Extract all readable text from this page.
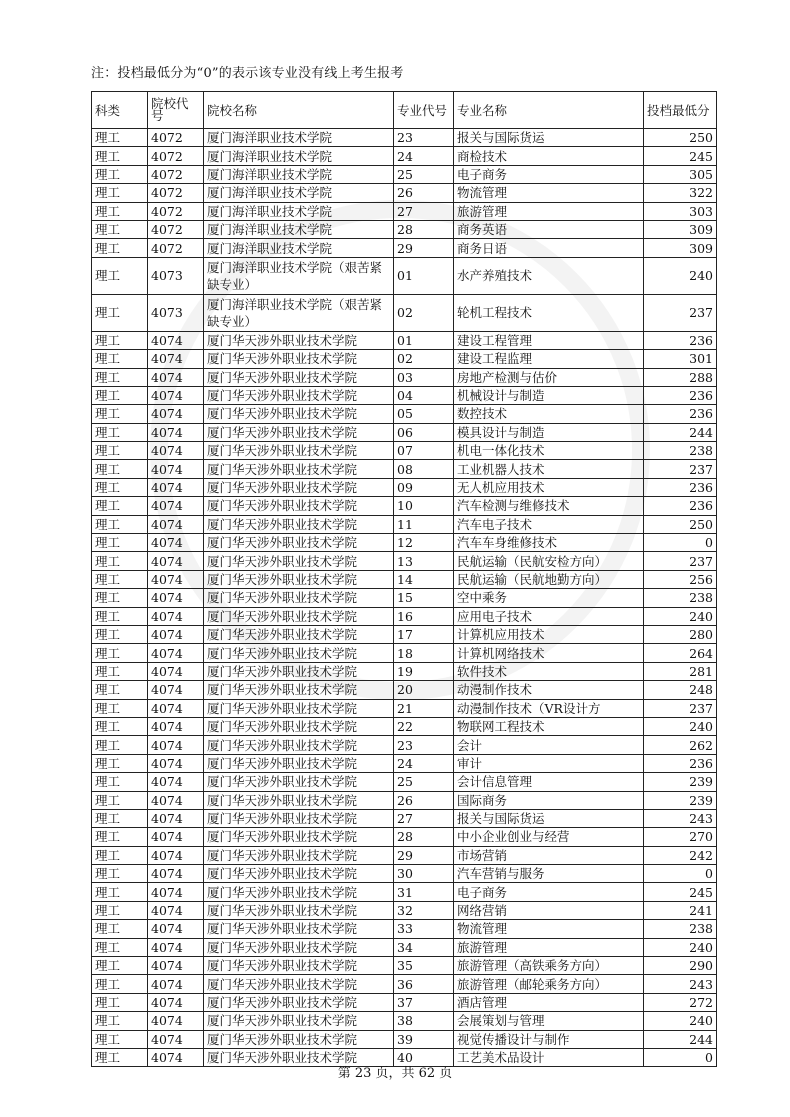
注：投档最低分为“0”的表示该专业没有线上考生报考
科类	院校代号	院校名称	专业代号	专业名称	投档最低分
理工	4072	厦门海洋职业技术学院	23	报关与国际货运	250
理工	4072	厦门海洋职业技术学院	24	商检技术	245
理工	4072	厦门海洋职业技术学院	25	电子商务	305
理工	4072	厦门海洋职业技术学院	26	物流管理	322
理工	4072	厦门海洋职业技术学院	27	旅游管理	303
理工	4072	厦门海洋职业技术学院	28	商务英语	309
理工	4072	厦门海洋职业技术学院	29	商务日语	309
理工	4073	厦门海洋职业技术学院（艰苦紧缺专业）	01	水产养殖技术	240
理工	4073	厦门海洋职业技术学院（艰苦紧缺专业）	02	轮机工程技术	237
理工	4074	厦门华天涉外职业技术学院	01	建设工程管理	236
理工	4074	厦门华天涉外职业技术学院	02	建设工程监理	301
理工	4074	厦门华天涉外职业技术学院	03	房地产检测与估价	288
理工	4074	厦门华天涉外职业技术学院	04	机械设计与制造	236
理工	4074	厦门华天涉外职业技术学院	05	数控技术	236
理工	4074	厦门华天涉外职业技术学院	06	模具设计与制造	244
理工	4074	厦门华天涉外职业技术学院	07	机电一体化技术	238
理工	4074	厦门华天涉外职业技术学院	08	工业机器人技术	237
理工	4074	厦门华天涉外职业技术学院	09	无人机应用技术	236
理工	4074	厦门华天涉外职业技术学院	10	汽车检测与维修技术	236
理工	4074	厦门华天涉外职业技术学院	11	汽车电子技术	250
理工	4074	厦门华天涉外职业技术学院	12	汽车车身维修技术	0
理工	4074	厦门华天涉外职业技术学院	13	民航运输（民航安检方向）	237
理工	4074	厦门华天涉外职业技术学院	14	民航运输（民航地勤方向）	256
理工	4074	厦门华天涉外职业技术学院	15	空中乘务	238
理工	4074	厦门华天涉外职业技术学院	16	应用电子技术	240
理工	4074	厦门华天涉外职业技术学院	17	计算机应用技术	280
理工	4074	厦门华天涉外职业技术学院	18	计算机网络技术	264
理工	4074	厦门华天涉外职业技术学院	19	软件技术	281
理工	4074	厦门华天涉外职业技术学院	20	动漫制作技术	248
理工	4074	厦门华天涉外职业技术学院	21	动漫制作技术（VR设计方	237
理工	4074	厦门华天涉外职业技术学院	22	物联网工程技术	240
理工	4074	厦门华天涉外职业技术学院	23	会计	262
理工	4074	厦门华天涉外职业技术学院	24	审计	236
理工	4074	厦门华天涉外职业技术学院	25	会计信息管理	239
理工	4074	厦门华天涉外职业技术学院	26	国际商务	239
理工	4074	厦门华天涉外职业技术学院	27	报关与国际货运	243
理工	4074	厦门华天涉外职业技术学院	28	中小企业创业与经营	270
理工	4074	厦门华天涉外职业技术学院	29	市场营销	242
理工	4074	厦门华天涉外职业技术学院	30	汽车营销与服务	0
理工	4074	厦门华天涉外职业技术学院	31	电子商务	245
理工	4074	厦门华天涉外职业技术学院	32	网络营销	241
理工	4074	厦门华天涉外职业技术学院	33	物流管理	238
理工	4074	厦门华天涉外职业技术学院	34	旅游管理	240
理工	4074	厦门华天涉外职业技术学院	35	旅游管理（高铁乘务方向）	290
理工	4074	厦门华天涉外职业技术学院	36	旅游管理（邮轮乘务方向）	243
理工	4074	厦门华天涉外职业技术学院	37	酒店管理	272
理工	4074	厦门华天涉外职业技术学院	38	会展策划与管理	240
理工	4074	厦门华天涉外职业技术学院	39	视觉传播设计与制作	244
理工	4074	厦门华天涉外职业技术学院	40	工艺美术品设计	0
第 23 页，共 62 页
